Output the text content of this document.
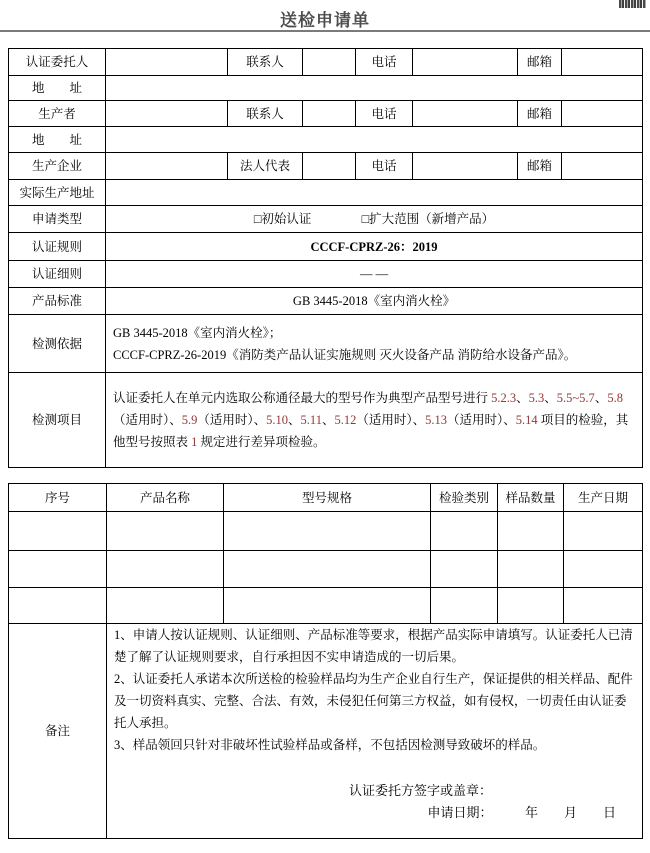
送检申请单
认证委托人		联系人		电话		邮箱	
地　　址							
生产者		联系人		电话		邮箱	
地　　址							
生产企业		法人代表		电话		邮箱	
实际生产地址							
申请类型	□初始认证 □扩大范围（新增产品）						
认证规则	CCCF-CPRZ-26：2019						
认证细则	— —						
产品标准	GB 3445-2018《室内消火栓》						
检测依据	GB 3445-2018《室内消火栓》；
CCCF-CPRZ-26-2019《消防类产品认证实施规则 灭火设备产品 消防给水设备产品》。						

检测项目	认证委托人在单元内选取公称通径最大的型号作为典型产品型号进行 5.2.3、5.3、5.5~5.7、5.8（适用时）、5.9（适用时）、5.10、5.11、5.12（适用时）、5.13（适用时）、5.14 项目的检验，其他型号按照表 1 规定进行差异项检验。						
序号	产品名称	型号规格	检验类别	样品数量	生产日期

备注	1、申请人按认证规则、认证细则、产品标准等要求，根据产品实际申请填写。认证委托人已清楚了解了认证规则要求，自行承担因不实申请造成的一切后果。
2、认证委托人承诺本次所送检的检验样品均为生产企业自行生产，保证提供的相关样品、配件及一切资料真实、完整、合法、有效，未侵犯任何第三方权益，如有侵权，一切责任由认证委托人承担。
3、样品领回只针对非破坏性试验样品或备样，不包括因检测导致破坏的样品。
认证委托方签字或盖章：
申请日期：　　　年　　月　　日				
